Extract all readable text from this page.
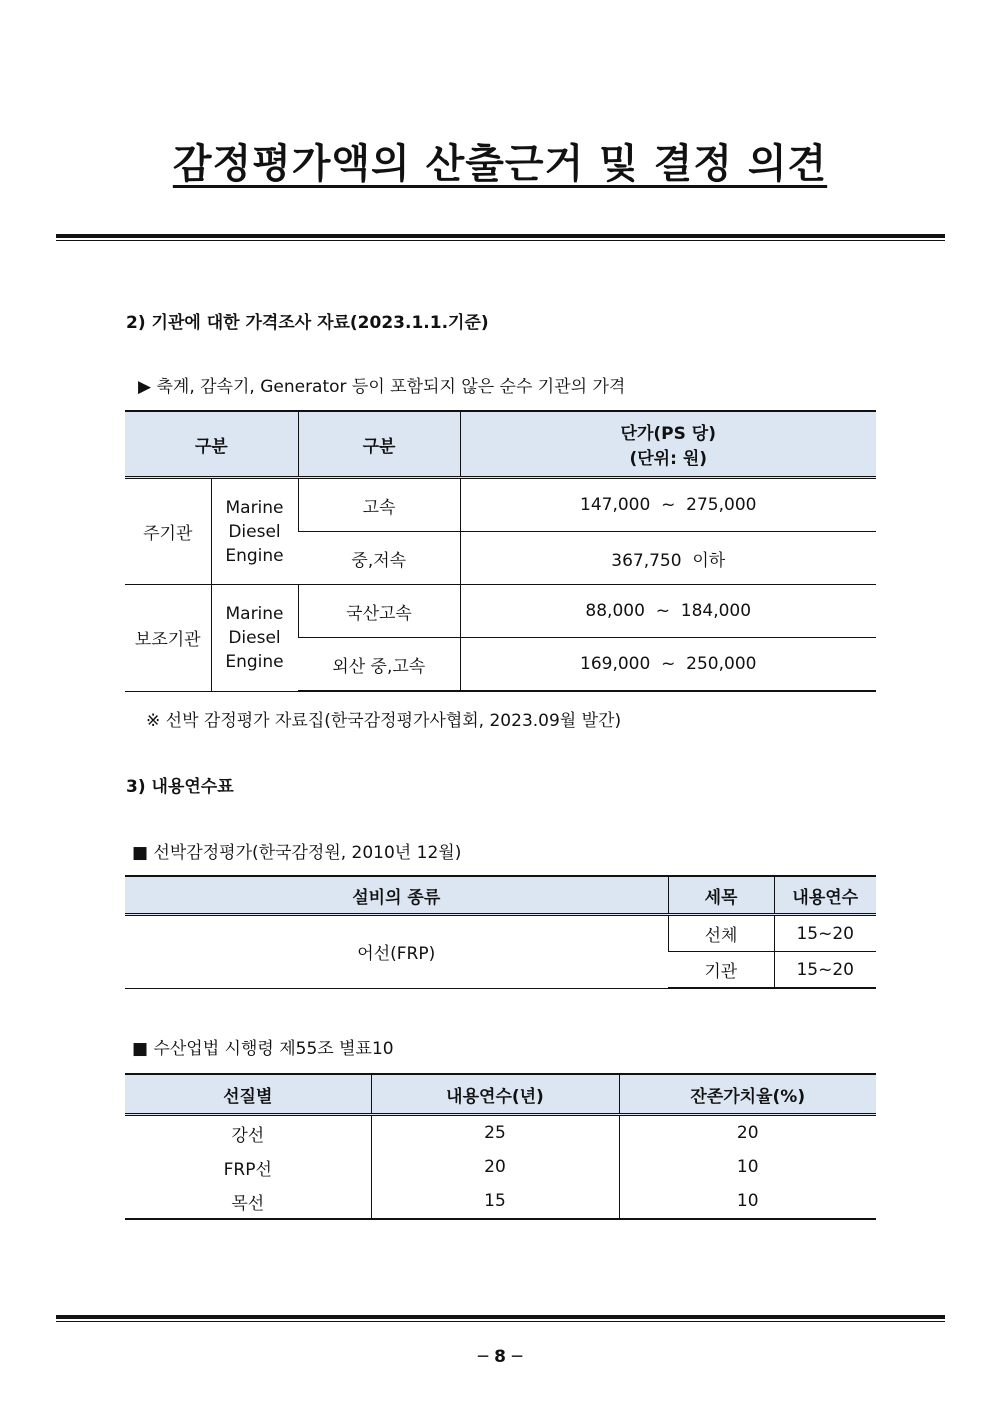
감정평가액의 산출근거 및 결정 의견
2) 기관에 대한 가격조사 자료(2023.1.1.기준)
▶ 축계, 감속기, Generator 등이 포함되지 않은 순수 기관의 가격
구분		구분	단가(PS 당)
(단위: 원)

주기관	Marine
Diesel
Engine	고속	147,000  ~  275,000
		중,저속	367,750  이하
보조기관	Marine
Diesel
Engine	국산고속	88,000  ~  184,000
		외산 중,고속	169,000  ~  250,000
※ 선박 감정평가 자료집(한국감정평가사협회, 2023.09월 발간)
3) 내용연수표
■ 선박감정평가(한국감정원, 2010년 12월)
설비의 종류	세목	내용연수
어선(FRP)	선체	15~20
	기관	15~20
■ 수산업법 시행령 제55조 별표10
선질별	내용연수(년)	잔존가치율(%)
강선	25	20
FRP선	20	10
목선	15	10
─ 8 ─
